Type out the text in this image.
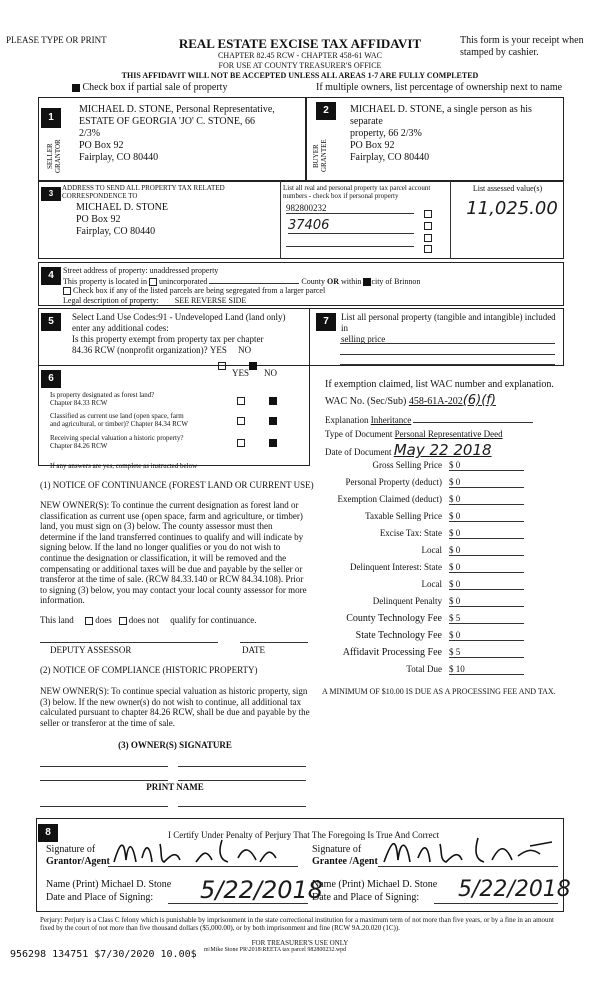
PLEASE TYPE OR PRINT	REAL ESTATE EXCISE TAX AFFIDAVIT
CHAPTER 82.45 RCW - CHAPTER 458-61 WAC
FOR USE AT COUNTY TREASURER'S OFFICE
THIS AFFIDAVIT WILL NOT BE ACCEPTED UNLESS ALL AREAS 1-7 ARE FULLY COMPLETED
This form is your receipt when stamped by cashier.
Check box if partial sale of property	If multiple owners, list percentage of ownership next to name
1
SELLER GRANTOR
MICHAEL D. STONE, Personal Representative,
ESTATE OF GEORGIA 'JO' C. STONE, 66
2/3%
PO Box 92
Fairplay, CO 80440
2
BUYER GRANTEE
MICHAEL D. STONE, a single person as his separate
property, 66 2/3%
PO Box 92
Fairplay, CO 80440
3
ADDRESS TO SEND ALL PROPERTY TAX RELATED CORRESPONDENCE TO
MICHAEL D. STONE
PO Box 92
Fairplay, CO 80440
List all real and personal property tax parcel account numbers - check box if personal property
982800232
37406
List assessed value(s)
11,025.00
4	Street address of property: unaddressed property
This property is located in unincorporated	County OR within city of Brinnon
Check box if any of the listed parcels are being segregated from a larger parcel
Legal description of property: SEE REVERSE SIDE
5	Select Land Use Codes:91 - Undeveloped Land (land only)
enter any additional codes:
Is this property exempt from property tax per chapter
84.36 RCW (nonprofit organization)? YES NO
6	YES NO
Is property designated as forest land?
Chapter 84.33 RCW
Classified as current use land (open space, farm
and agricultural, or timber)? Chapter 84.34 RCW
Receiving special valuation a historic property?
Chapter 84.26 RCW
If any answers are yes, complete as instructed below
(1) NOTICE OF CONTINUANCE (FOREST LAND OR CURRENT USE)
NEW OWNER(S): To continue the current designation as forest land or
classification as current use (open space, farm and agriculture, or timber)
land, you must sign on (3) below. The county assessor must then
determine if the land transferred continues to qualify and will indicate by
signing below. If the land no longer qualifies or you do not wish to
continue the designation or classification, it will be removed and the
compensating or additional taxes will be due and payable by the seller or
transferor at the time of sale. (RCW 84.33.140 or RCW 84.34.108). Prior
to signing (3) below, you may contact your local county assessor for more
information.
This land does does not qualify for continuance.
DEPUTY ASSESSOR	DATE
(2) NOTICE OF COMPLIANCE (HISTORIC PROPERTY)
NEW OWNER(S): To continue special valuation as historic property, sign
(3) below. If the new owner(s) do not wish to continue, all additional tax
calculated pursuant to chapter 84.26 RCW, shall be due and payable by the
seller or transferor at the time of sale.
(3) OWNER(S) SIGNATURE
PRINT NAME
7	List all personal property (tangible and intangible) included in
selling price
If exemption claimed, list WAC number and explanation.
WAC No. (Sec/Sub) 458-61A-202(6)(f)
Explanation Inheritance
Type of Document Personal Representative Deed
Date of Document May 22 2018
Gross Selling Price $ 0
Personal Property (deduct) $ 0
Exemption Claimed (deduct) $ 0
Taxable Selling Price $ 0
Excise Tax: State $ 0
Local $ 0
Delinquent Interest: State $ 0
Local $ 0
Delinquent Penalty $ 0
County Technology Fee $ 5
State Technology Fee $ 0
Affidavit Processing Fee $ 5
Total Due $ 10
A MINIMUM OF $10.00 IS DUE AS A PROCESSING FEE AND TAX.
8	I Certify Under Penalty of Perjury That The Foregoing Is True And Correct
Signature of
Grantor/Agent
Signature of
Grantee /Agent
Name (Print) Michael D. Stone
Date and Place of Signing: 5/22/2018
Name (Print) Michael D. Stone
Date and Place of Signing: 5/22/2018
Perjury: Perjury is a Class C felony which is punishable by imprisonment in the state correctional institution for a maximum term of not more than five years, or by a fine in an amount fixed by the court of not more than five thousand dollars ($5,000.00), or by both imprisonment and fine (RCW 9A.20.020 (1C)).
FOR TREASURER'S USE ONLY
956298 134751 $7/30/2020 10.00$ m\Mike Stone PR\2018\REETA tax parcel 982800232.wpd
